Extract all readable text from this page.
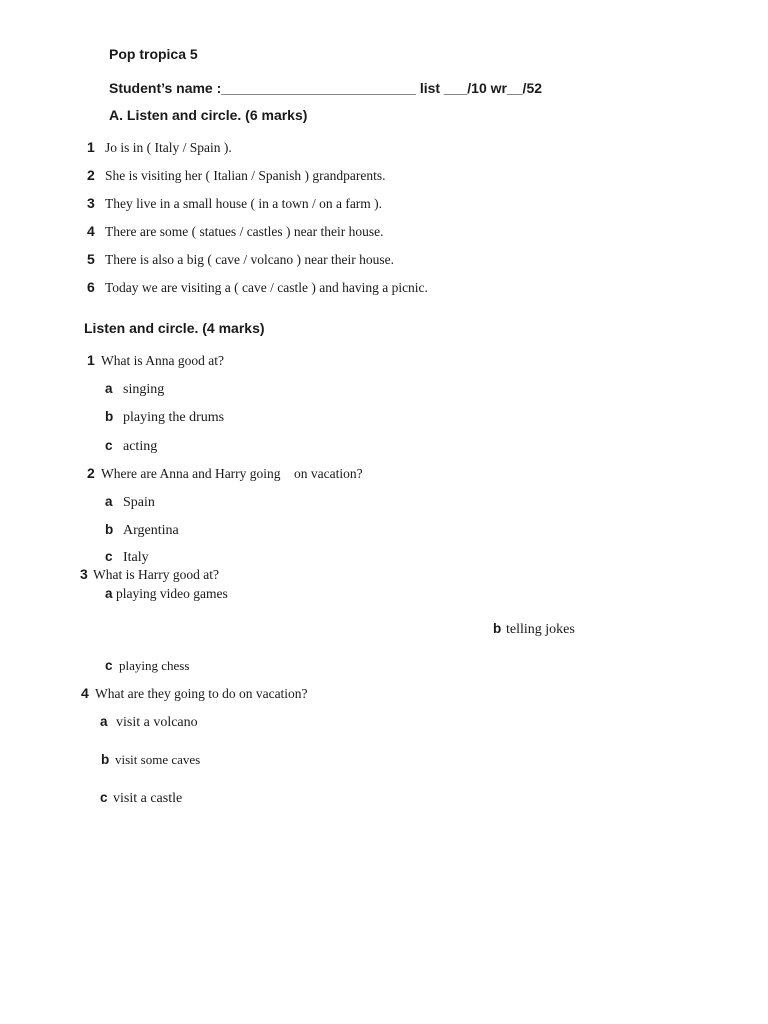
Pop tropica 5
Student’s name :_________________________ list ___/10 wr__/52
A. Listen and circle. (6 marks)
1 Jo is in ( Italy / Spain ).
2 She is visiting her ( Italian / Spanish ) grandparents.
3 They live in a small house ( in a town / on a farm ).
4 There are some ( statues / castles ) near their house.
5 There is also a big ( cave / volcano ) near their house.
6 Today we are visiting a ( cave / castle ) and having a picnic.
Listen and circle. (4 marks)
1 What is Anna good at?
a singing
b playing the drums
c acting
2 Where are Anna and Harry going    on vacation?
a Spain
b Argentina
c Italy
3 What is Harry good at?
a playing video games
b telling jokes
c playing chess
4 What are they going to do on vacation?
a visit a volcano
b visit some caves
c visit a castle
